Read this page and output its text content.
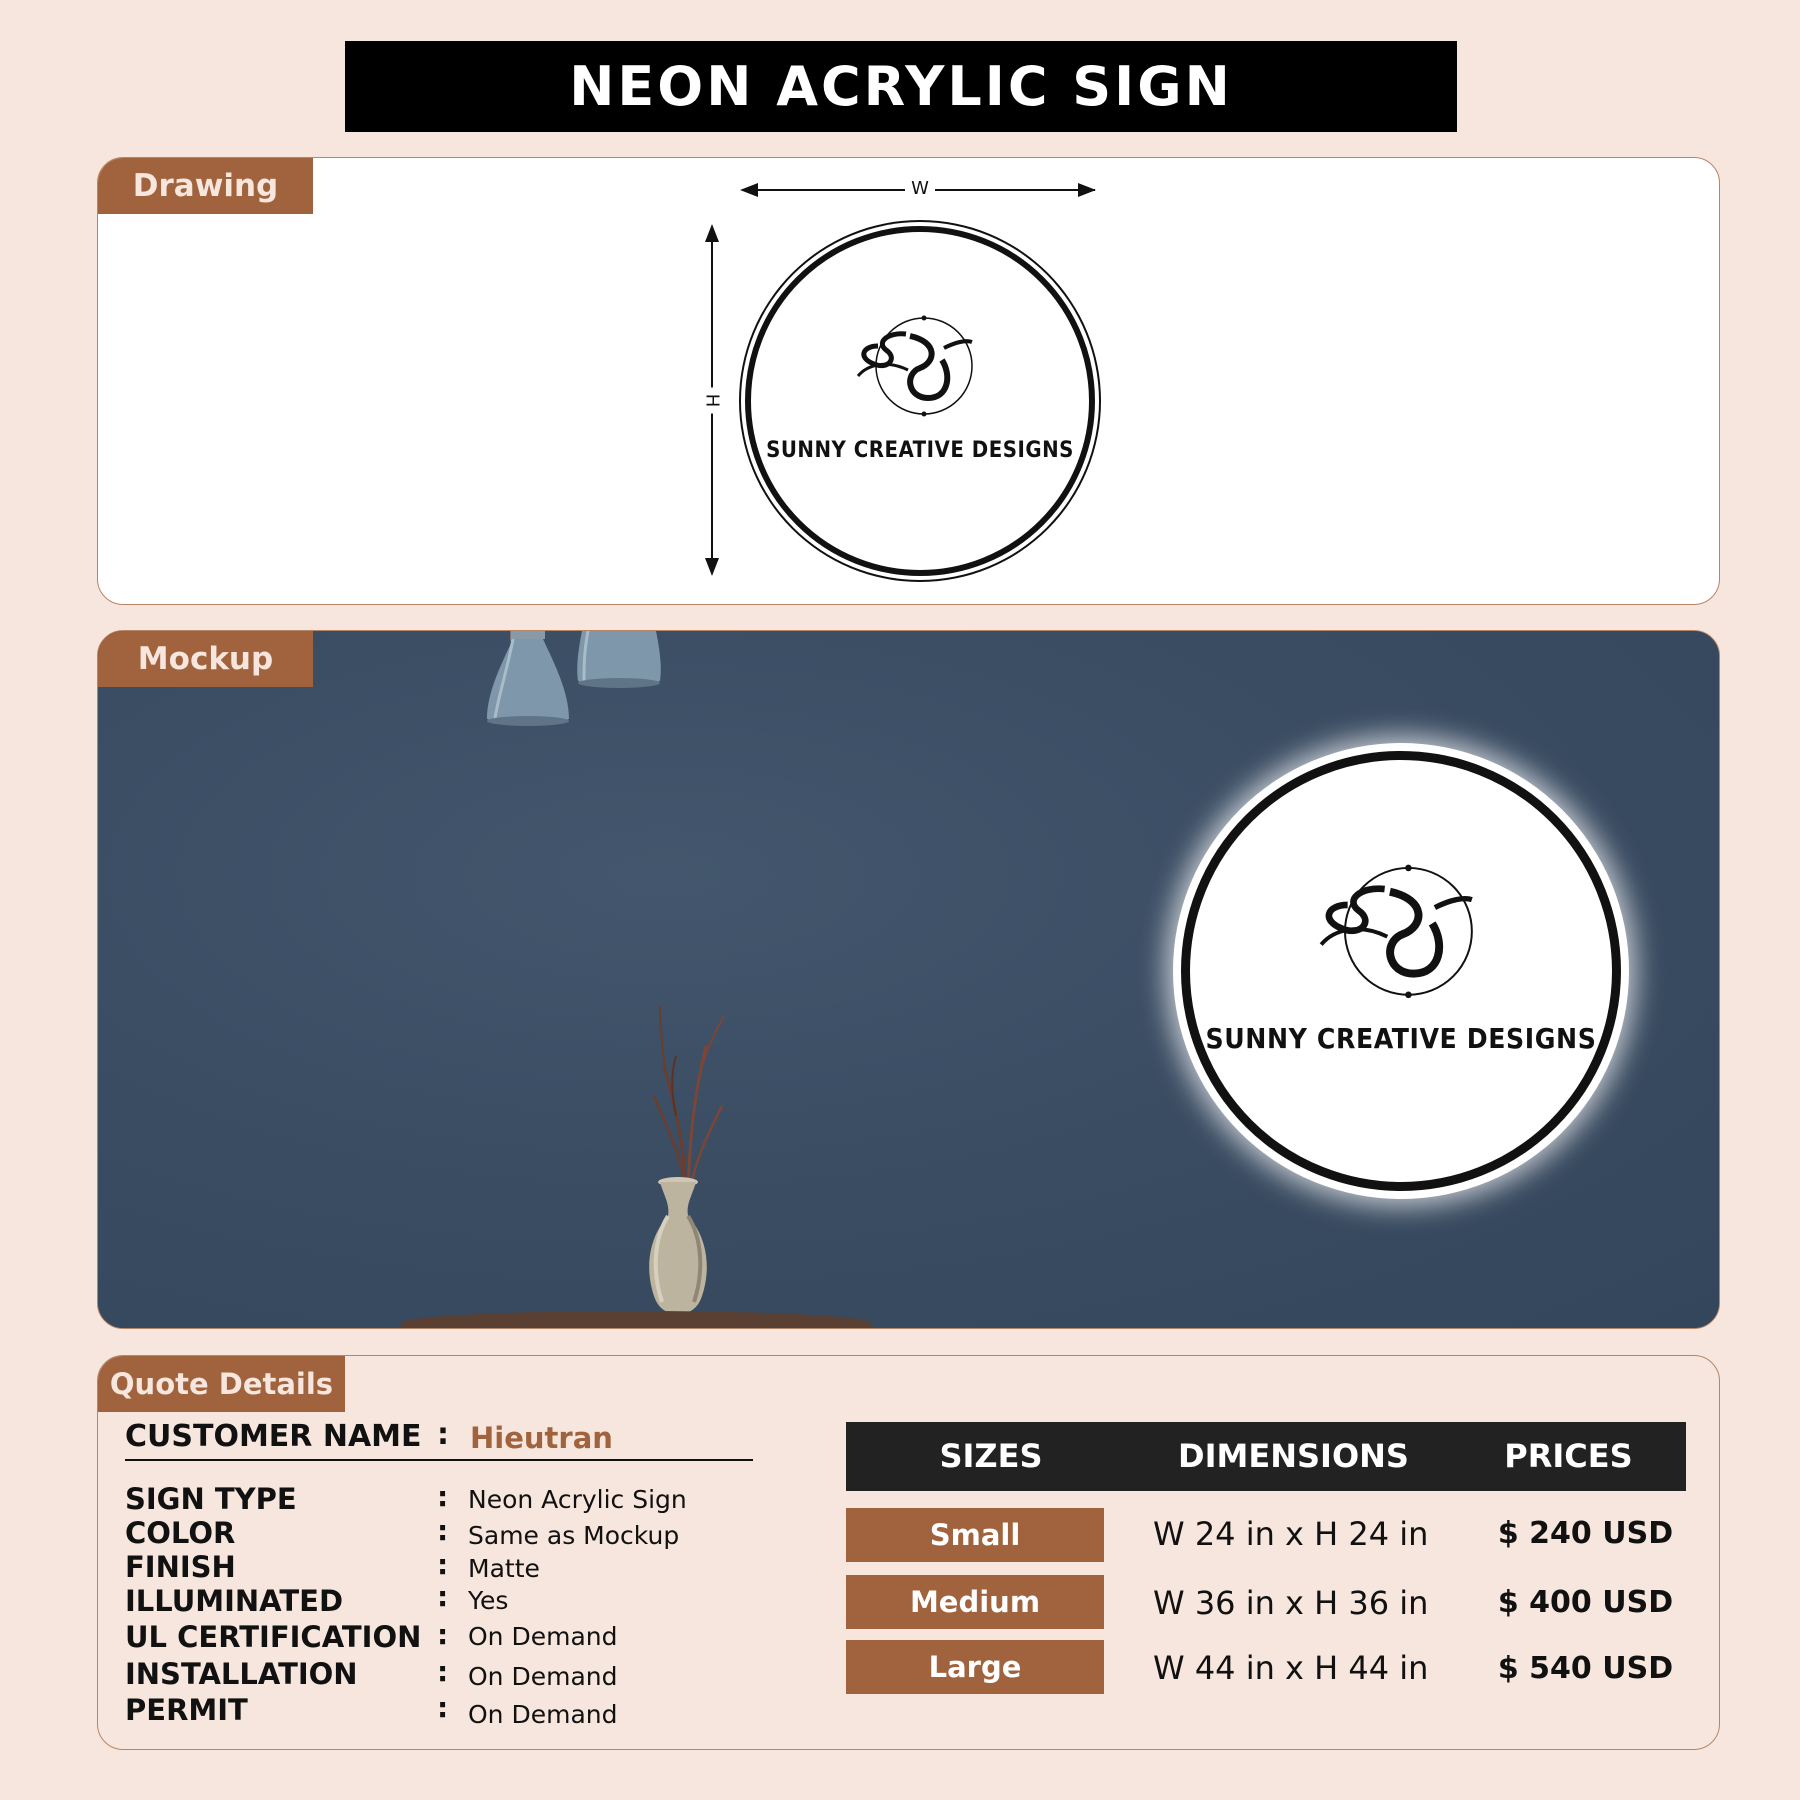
NEON ACRYLIC SIGN
Drawing	W
H
SUNNY CREATIVE DESIGNS
Mockup
SUNNY CREATIVE DESIGNS
Quote Details
CUSTOMER NAME : Hieutran
SIGN TYPE	: Neon Acrylic Sign
COLOR	: Same as Mockup
FINISH	: Matte
ILLUMINATED	: Yes
UL CERTIFICATION : On Demand
INSTALLATION	: On Demand
PERMIT	: On Demand
SIZES	DIMENSIONS	PRICES
Small	W 24 in x H 24 in	$ 240 USD
Medium	W 36 in x H 36 in	$ 400 USD
Large	W 44 in x H 44 in	$ 540 USD
